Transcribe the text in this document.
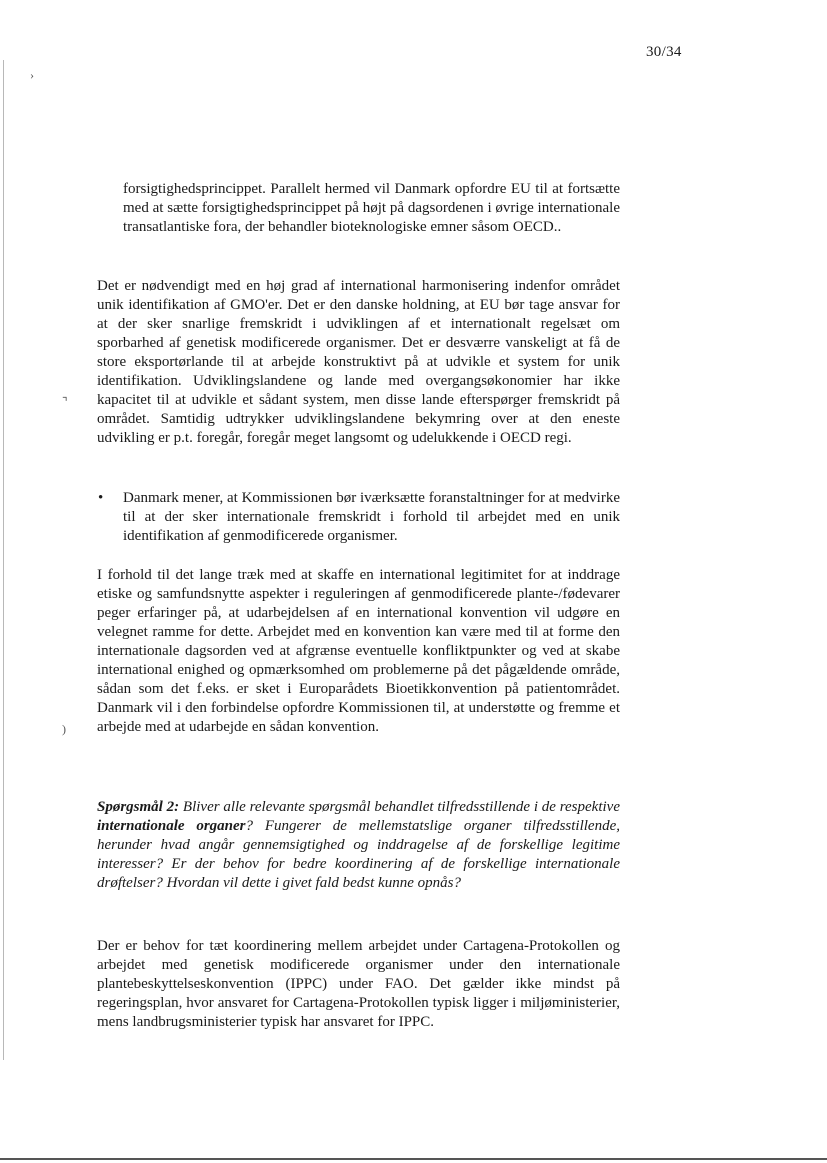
›
⌝
)
30/34
forsigtighedsprincippet. Parallelt hermed vil Danmark opfordre EU til at fortsætte med at sætte forsigtighedsprincippet på højt på dagsordenen i øvrige internationale transatlantiske fora, der behandler bioteknologiske emner såsom OECD..
Det er nødvendigt med en høj grad af international harmonisering indenfor området unik identifikation af GMO'er. Det er den danske holdning, at EU bør tage ansvar for at der sker snarlige fremskridt i udviklingen af et internationalt regelsæt om sporbarhed af genetisk modificerede organismer. Det er desværre vanskeligt at få de store eksportørlande til at arbejde konstruktivt på at udvikle et system for unik identifikation. Udviklingslandene og lande med overgangsøkonomier har ikke kapacitet til at udvikle et sådant system, men disse lande efterspørger fremskridt på området. Samtidig udtrykker udviklingslandene bekymring over at den eneste udvikling er p.t. foregår, foregår meget langsomt og udelukkende i OECD regi.
• Danmark mener, at Kommissionen bør iværksætte foranstaltninger for at medvirke til at der sker internationale fremskridt i forhold til arbejdet med en unik identifikation af genmodificerede organismer.
I forhold til det lange træk med at skaffe en international legitimitet for at inddrage etiske og samfundsnytte aspekter i reguleringen af genmodificerede plante-/fødevarer peger erfaringer på, at udarbejdelsen af en international konvention vil udgøre en velegnet ramme for dette. Arbejdet med en konvention kan være med til at forme den internationale dagsorden ved at afgrænse eventuelle konfliktpunkter og ved at skabe international enighed og opmærksomhed om problemerne på det pågældende område, sådan som det f.eks. er sket i Europarådets Bioetikkonvention på patientområdet. Danmark vil i den forbindelse opfordre Kommissionen til, at understøtte og fremme et arbejde med at udarbejde en sådan konvention.
Spørgsmål 2: Bliver alle relevante spørgsmål behandlet tilfredsstillende i de respektive internationale organer? Fungerer de mellemstatslige organer tilfredsstillende, herunder hvad angår gennemsigtighed og inddragelse af de forskellige legitime interesser? Er der behov for bedre koordinering af de forskellige internationale drøftelser? Hvordan vil dette i givet fald bedst kunne opnås?
Der er behov for tæt koordinering mellem arbejdet under Cartagena-Protokollen og arbejdet med genetisk modificerede organismer under den internationale plantebeskyttelseskonvention (IPPC) under FAO. Det gælder ikke mindst på regeringsplan, hvor ansvaret for Cartagena-Protokollen typisk ligger i miljøministerier, mens landbrugsministerier typisk har ansvaret for IPPC.
